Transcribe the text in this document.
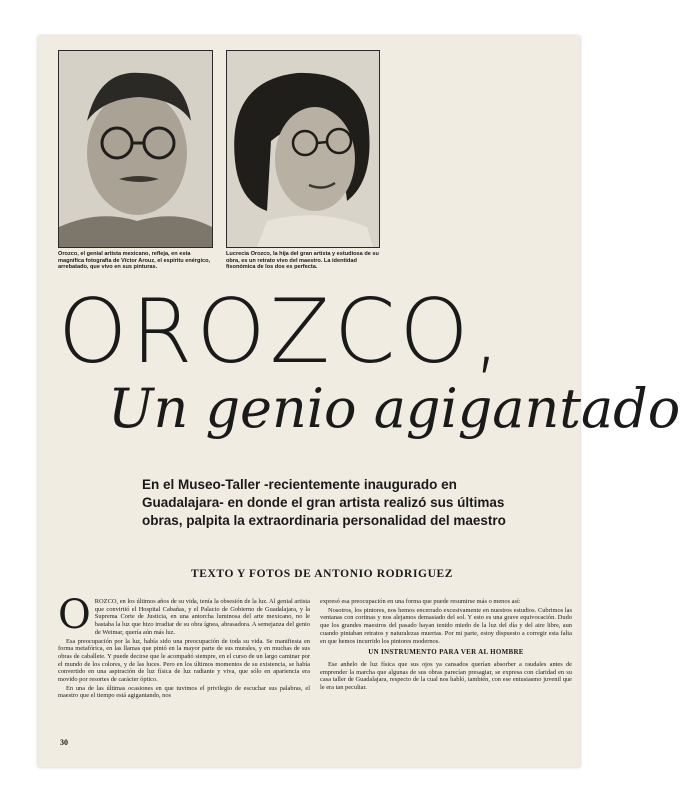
Orozco, el genial artista mexicano, refleja, en esta magnífica fotografía de Víctor Arouz, el espíritu enérgico, arrebatado, que vivo en sus pinturas.
Lucrecia Orozco, la hija del gran artista y estudiosa de su obra, es un retrato vivo del maestro. La identidad fisonómica de los dos es perfecta.
OROZCO,
Un genio agigantado
En el Museo-Taller -recientemente inaugurado en Guadalajara- en donde el gran artista realizó sus últimas obras, palpita la extraordinaria personalidad del maestro
TEXTO Y FOTOS DE ANTONIO RODRIGUEZ
O ROZCO, en los últimos años de su vida, tenía la obsesión de la luz. Al genial artista que convirtió el Hospital Cabañas, y el Palacio de Gobierno de Guadalajara, y la Suprema Corte de Justicia, en una antorcha luminosa del arte mexicano, no le bastaba la luz que hizo irradiar de su obra ígnea, abrasadora. A semejanza del genio de Weimar, quería aún más luz.

Esa preocupación por la luz, había sido una preocupación de toda su vida. Se manifiesta en forma metafórica, en las llamas que pintó en la mayor parte de sus murales, y en muchas de sus obras de caballete. Y puede decirse que le acompañó siempre, en el curso de un largo caminar por el mundo de los colores, y de las luces. Pero en los últimos momentos de su existencia, se había convertido en una aspiración de luz física de luz radiante y viva, que sólo en apariencia era movido por resortes de carácter óptico.

En una de las últimas ocasiones en que tuvimos el privilegio de escuchar sus palabras, el maestro que el tiempo está agigantando, nos

expresó esa preocupación en una forma que puede resumirse más o menos así:

Nosotros, los pintores, nos hemos encerrado excesivamente en nuestros estudios. Cubrimos las ventanas con cortinas y nos alejamos demasiado del sol. Y esto es una grave equivocación. Dudo que los grandes maestros del pasado hayan tenido miedo de la luz del día y del aire libre, aun cuando pintaban retratos y naturalezas muertas. Por mi parte, estoy dispuesto a corregir esta falta en que hemos incurrido los pintores modernos.

UN INSTRUMENTO PARA VER AL HOMBRE

Ese anhelo de luz física que sus ojos ya cansados querían absorber a raudales antes de emprender la marcha que algunas de sus obras parecían presagiar, se expresa con claridad en su casa taller de Guadalajara, respecto de la cual nos habló, también, con ese entusiasmo juvenil que le era tan peculiar.

30
